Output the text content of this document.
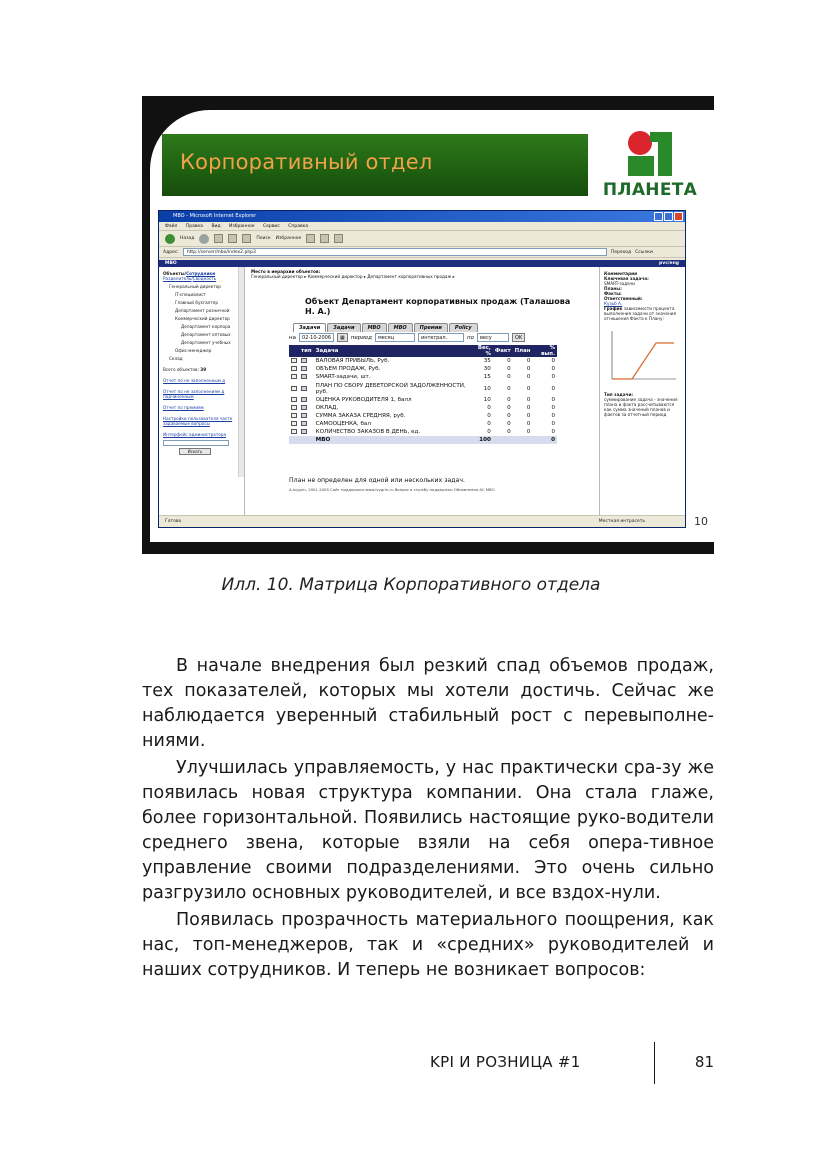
Корпоративный отдел
ПЛАНЕТА
MBO - Microsoft Internet Explorer
Файл Правка Вид Избранное Сервис Справка
Назад	Поиск Избранное
Адрес:	http://server/mbo/index2.php3	Переход Ссылки
MBO	pvc/eng
Объекты/Сотрудники
Разделитель/Сводность
Генеральный директор
IT-специалист
Главный бухгалтер
Департамент розничной
Коммерческий директор
Департамент корпора
Департамент оптовых
Департамент учебных
Офис-менеджер
Склад
Всего объектов: 39
Отчет по не заполненным д
Отчет по не заполнениям д подчинённым
Отчет по премиям
Настройки пользователя часто задаваемые вопросы
Интерфейс администратора
Искать
Место в иерархии объектов:
Генеральный директор ▸ Коммерческий директор ▸ Департамент корпоративных продаж ▸
Объект Департамент корпоративных продаж (Талашова Н. А.)
Задачи	Задачи	MBO	MBO	Премии	Policy
на	02-10-2006	▦	период	месяц	интеграл.	по	весу	OK
	тип	Задача	Вес, %	Факт	План	% вып.
		ВАЛОВАЯ ПРИБЫЛЬ, Руб.	35	0	0	0
		ОБЪЕМ ПРОДАЖ, Руб.	30	0	0	0
		SMART-задачи, шт.	15	0	0	0
		ПЛАН ПО СБОРУ ДЕБЕТОРСКОЙ ЗАДОЛЖЕННОСТИ, руб.	10	0	0	0
		ОЦЕНКА РУКОВОДИТЕЛЯ 1, балл	10	0	0	0
		ОКЛАД,	0	0	0	0
		СУММА ЗАКАЗА СРЕДНЯЯ, руб.	0	0	0	0
		САМООЦЕНКА, бал	0	0	0	0
		КОЛИЧЕСТВО ЗАКАЗОВ В ДЕНЬ, ед.	0	0	0	0
		MBO	100			0
План не определен для одной или нескольких задач.
A.Ivygrin, 2001-2005 Сайт поддержки www.ivygrin.ru Вопрос в службу поддержки Обновления АС MBO
Комментарии
Ключевая задача:
SMART-задачи
Планы:
Факты:
Ответственный:
Кузьб А.
График зависимости процента выполнения задачи от значения отношения Факта к Плану:
Тип задачи:
суммирование задача - значения плана и факта рассчитываются как сумма значений планов и фактов за отчетный период
Готово	Местная интрасеть	10
Илл. 10. Матрица Корпоративного отдела

В начале внедрения был резкий спад объемов продаж, тех показателей, которых мы хотели достичь. Сейчас же наблюдается уверенный стабильный рост с перевыполне-ниями.

Улучшилась управляемость, у нас практически сра-зу же появилась новая структура компании. Она стала глаже, более горизонтальной. Появились настоящие руко-водители среднего звена, которые взяли на себя опера-тивное управление своими подразделениями. Это очень сильно разгрузило основных руководителей, и все вздох-нули.

Появилась прозрачность материального поощрения, как нас, топ-менеджеров, так и «средних» руководителей и наших сотрудников. И теперь не возникает вопросов:

KPI И РОЗНИЦА #1	81
